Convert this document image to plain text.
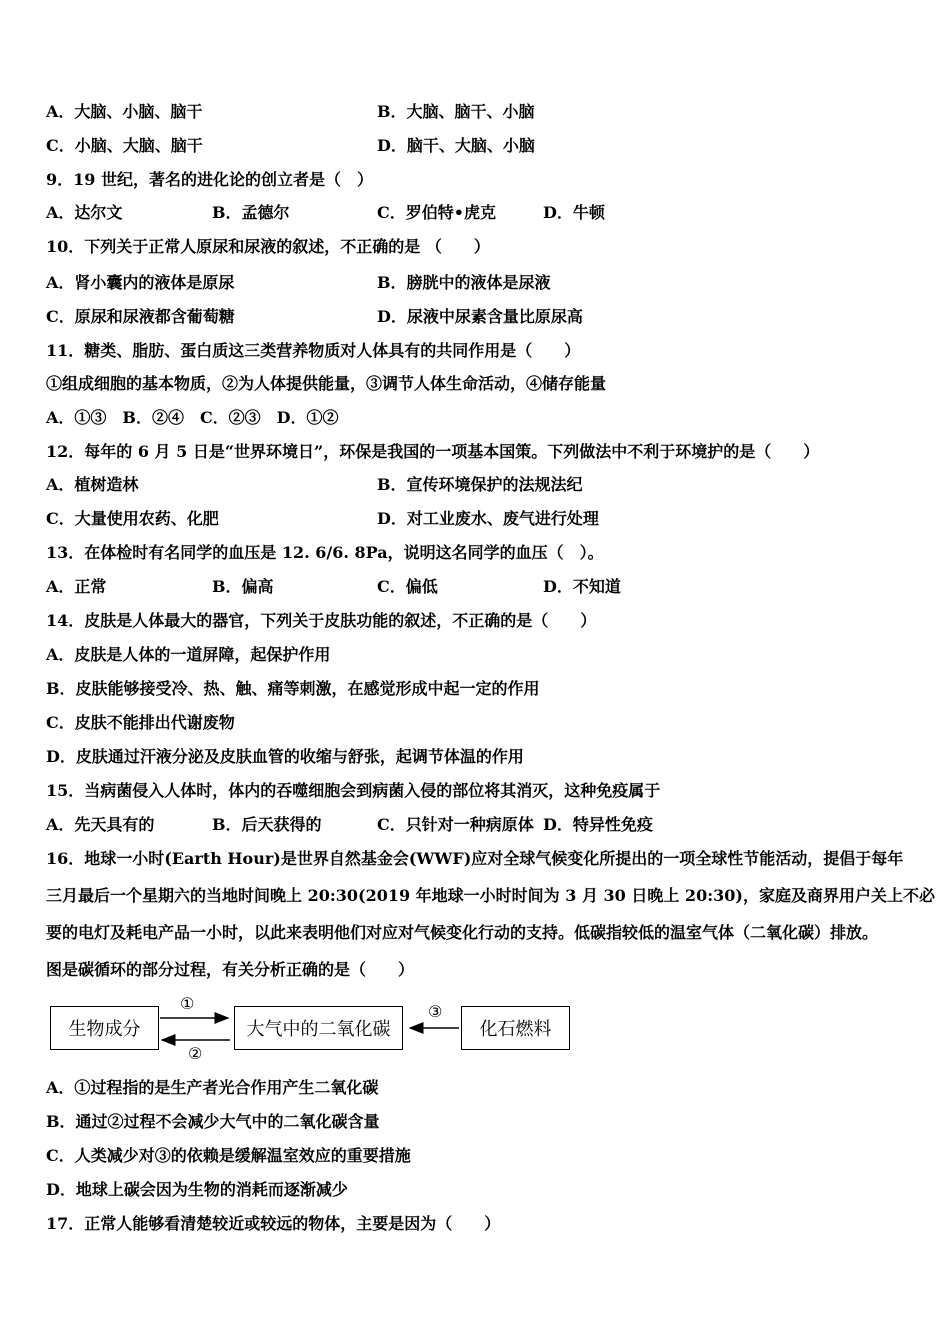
A．大脑、小脑、脑干	B．大脑、脑干、小脑
C．小脑、大脑、脑干	D．脑干、大脑、小脑
9．19 世纪，著名的进化论的创立者是（　）
A．达尔文	B．孟德尔	C．罗伯特•虎克	D．牛顿
10．下列关于正常人原尿和尿液的叙述，不正确的是 （　　）
A．肾小囊内的液体是原尿	B．膀胱中的液体是尿液
C．原尿和尿液都含葡萄糖	D．尿液中尿素含量比原尿高
11．糖类、脂肪、蛋白质这三类营养物质对人体具有的共同作用是（　　）
①组成细胞的基本物质，②为人体提供能量，③调节人体生命活动，④储存能量
A．①③　B．②④　C．②③　D．①②
12．每年的 6 月 5 日是“世界环境日”，环保是我国的一项基本国策。下列做法中不利于环境护的是（　　）
A．植树造林	B．宣传环境保护的法规法纪
C．大量使用农药、化肥	D．对工业废水、废气进行处理
13．在体检时有名同学的血压是 12. 6/6. 8Pa，说明这名同学的血压（　）。
A．正常	B．偏高	C．偏低	D．不知道
14．皮肤是人体最大的器官，下列关于皮肤功能的叙述，不正确的是（　　）
A．皮肤是人体的一道屏障，起保护作用
B．皮肤能够接受冷、热、触、痛等刺激，在感觉形成中起一定的作用
C．皮肤不能排出代谢废物
D．皮肤通过汗液分泌及皮肤血管的收缩与舒张，起调节体温的作用
15．当病菌侵入人体时，体内的吞噬细胞会到病菌入侵的部位将其消灭，这种免疫属于
A．先天具有的	B．后天获得的	C．只针对一种病原体 D．特异性免疫
16．地球一小时(Earth Hour)是世界自然基金会(WWF)应对全球气候变化所提出的一项全球性节能活动，提倡于每年
三月最后一个星期六的当地时间晚上 20:30(2019 年地球一小时时间为 3 月 30 日晚上 20:30)，家庭及商界用户关上不必
要的电灯及耗电产品一小时，以此来表明他们对应对气候变化行动的支持。低碳指较低的温室气体（二氧化碳）排放。
图是碳循环的部分过程，有关分析正确的是（　　）
生物成分	大气中的二氧化碳	化石燃料
①
②
③
A．①过程指的是生产者光合作用产生二氧化碳
B．通过②过程不会减少大气中的二氧化碳含量
C．人类减少对③的依赖是缓解温室效应的重要措施
D．地球上碳会因为生物的消耗而逐渐减少
17．正常人能够看清楚较近或较远的物体，主要是因为（　　）
